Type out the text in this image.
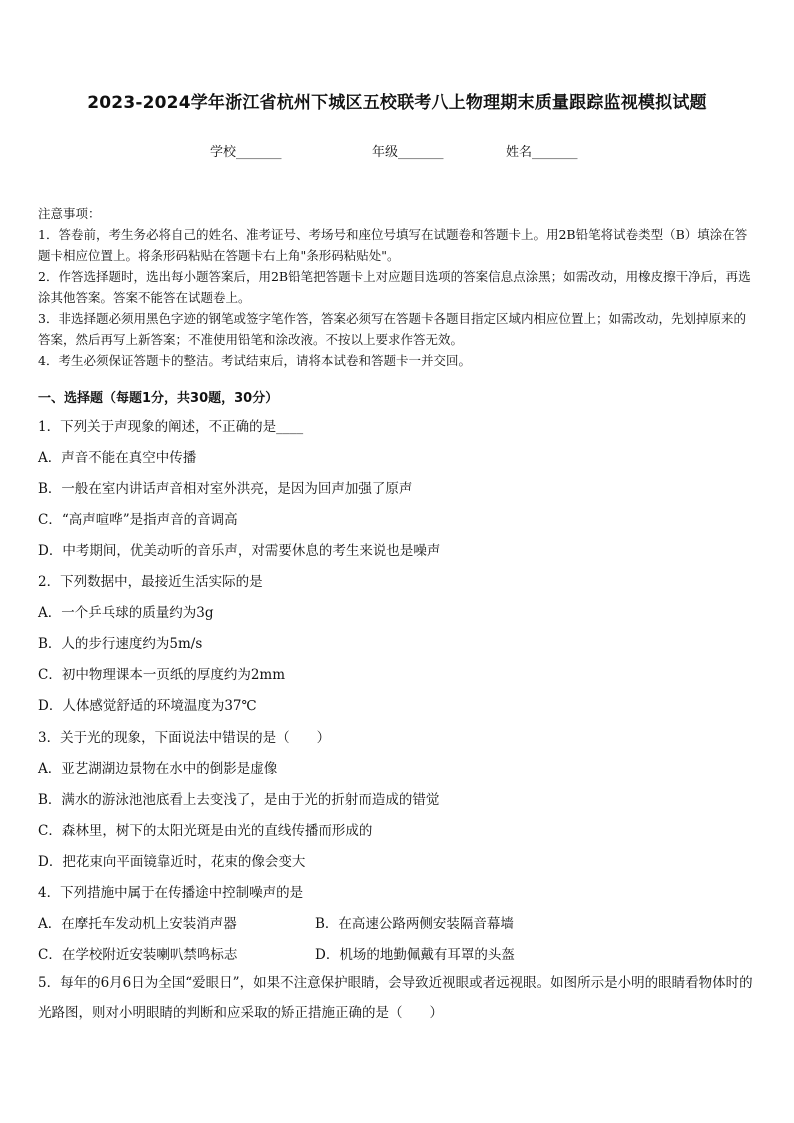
2023-2024学年浙江省杭州下城区五校联考八上物理期末质量跟踪监视模拟试题
学校_______	年级_______	姓名_______

注意事项：

1．答卷前，考生务必将自己的姓名、准考证号、考场号和座位号填写在试题卷和答题卡上。用2B铅笔将试卷类型（B）填涂在答题卡相应位置上。将条形码粘贴在答题卡右上角"条形码粘贴处"。

2．作答选择题时，选出每小题答案后，用2B铅笔把答题卡上对应题目选项的答案信息点涂黑；如需改动，用橡皮擦干净后，再选涂其他答案。答案不能答在试题卷上。

3．非选择题必须用黑色字迹的钢笔或签字笔作答，答案必须写在答题卡各题目指定区域内相应位置上；如需改动，先划掉原来的答案，然后再写上新答案；不准使用铅笔和涂改液。不按以上要求作答无效。

4．考生必须保证答题卡的整洁。考试结束后，请将本试卷和答题卡一并交回。

一、选择题（每题1分，共30题，30分）
1．下列关于声现象的阐述，不正确的是____
A．声音不能在真空中传播
B．一般在室内讲话声音相对室外洪亮，是因为回声加强了原声
C．“高声喧哗”是指声音的音调高
D．中考期间，优美动听的音乐声，对需要休息的考生来说也是噪声
2．下列数据中，最接近生活实际的是
A．一个乒乓球的质量约为3g
B．人的步行速度约为5m/s
C．初中物理课本一页纸的厚度约为2mm
D．人体感觉舒适的环境温度为37℃
3．关于光的现象，下面说法中错误的是（　　）
A．亚艺湖湖边景物在水中的倒影是虚像
B．满水的游泳池池底看上去变浅了，是由于光的折射而造成的错觉
C．森林里，树下的太阳光斑是由光的直线传播而形成的
D．把花束向平面镜靠近时，花束的像会变大
4．下列措施中属于在传播途中控制噪声的是
A．在摩托车发动机上安装消声器	B．在高速公路两侧安装隔音幕墙
C．在学校附近安装喇叭禁鸣标志	D．机场的地勤佩戴有耳罩的头盔
5．每年的6月6日为全国“爱眼日”，如果不注意保护眼睛，会导致近视眼或者远视眼。如图所示是小明的眼睛看物体时的光路图，则对小明眼睛的判断和应采取的矫正措施正确的是（　　）
